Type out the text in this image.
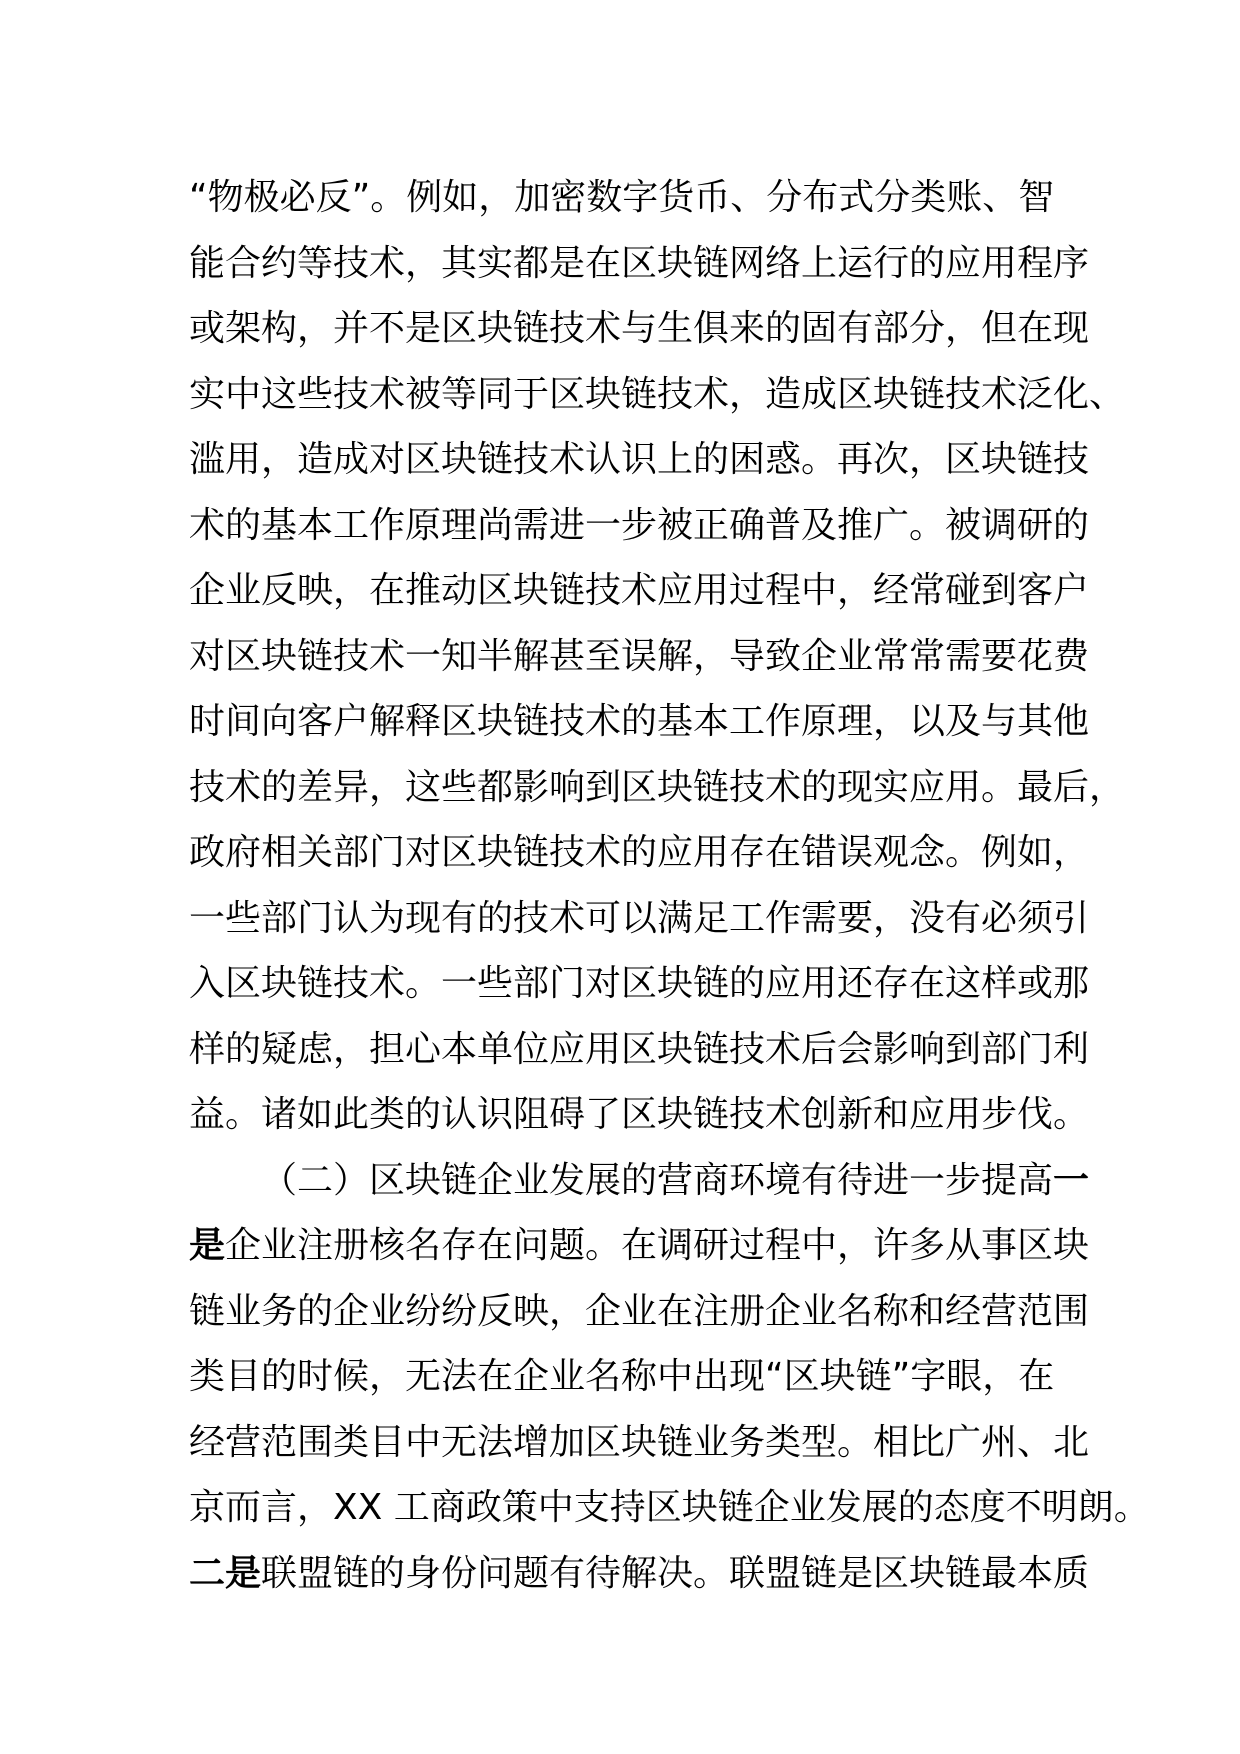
“物极必反”。例如，加密数字货币、分布式分类账、智
能合约等技术，其实都是在区块链网络上运行的应用程序
或架构，并不是区块链技术与生俱来的固有部分，但在现
实中这些技术被等同于区块链技术，造成区块链技术泛化、
滥用，造成对区块链技术认识上的困惑。再次，区块链技
术的基本工作原理尚需进一步被正确普及推广。被调研的
企业反映，在推动区块链技术应用过程中，经常碰到客户
对区块链技术一知半解甚至误解，导致企业常常需要花费
时间向客户解释区块链技术的基本工作原理，以及与其他
技术的差异，这些都影响到区块链技术的现实应用。最后，
政府相关部门对区块链技术的应用存在错误观念。例如，
一些部门认为现有的技术可以满足工作需要，没有必须引
入区块链技术。一些部门对区块链的应用还存在这样或那
样的疑虑，担心本单位应用区块链技术后会影响到部门利
益。诸如此类的认识阻碍了区块链技术创新和应用步伐。
（二）区块链企业发展的营商环境有待进一步提高一
是企业注册核名存在问题。在调研过程中，许多从事区块
链业务的企业纷纷反映，企业在注册企业名称和经营范围
类目的时候，无法在企业名称中出现“区块链”字眼，在
经营范围类目中无法增加区块链业务类型。相比广州、北
京而言，XX 工商政策中支持区块链企业发展的态度不明朗。
二是联盟链的身份问题有待解决。联盟链是区块链最本质
